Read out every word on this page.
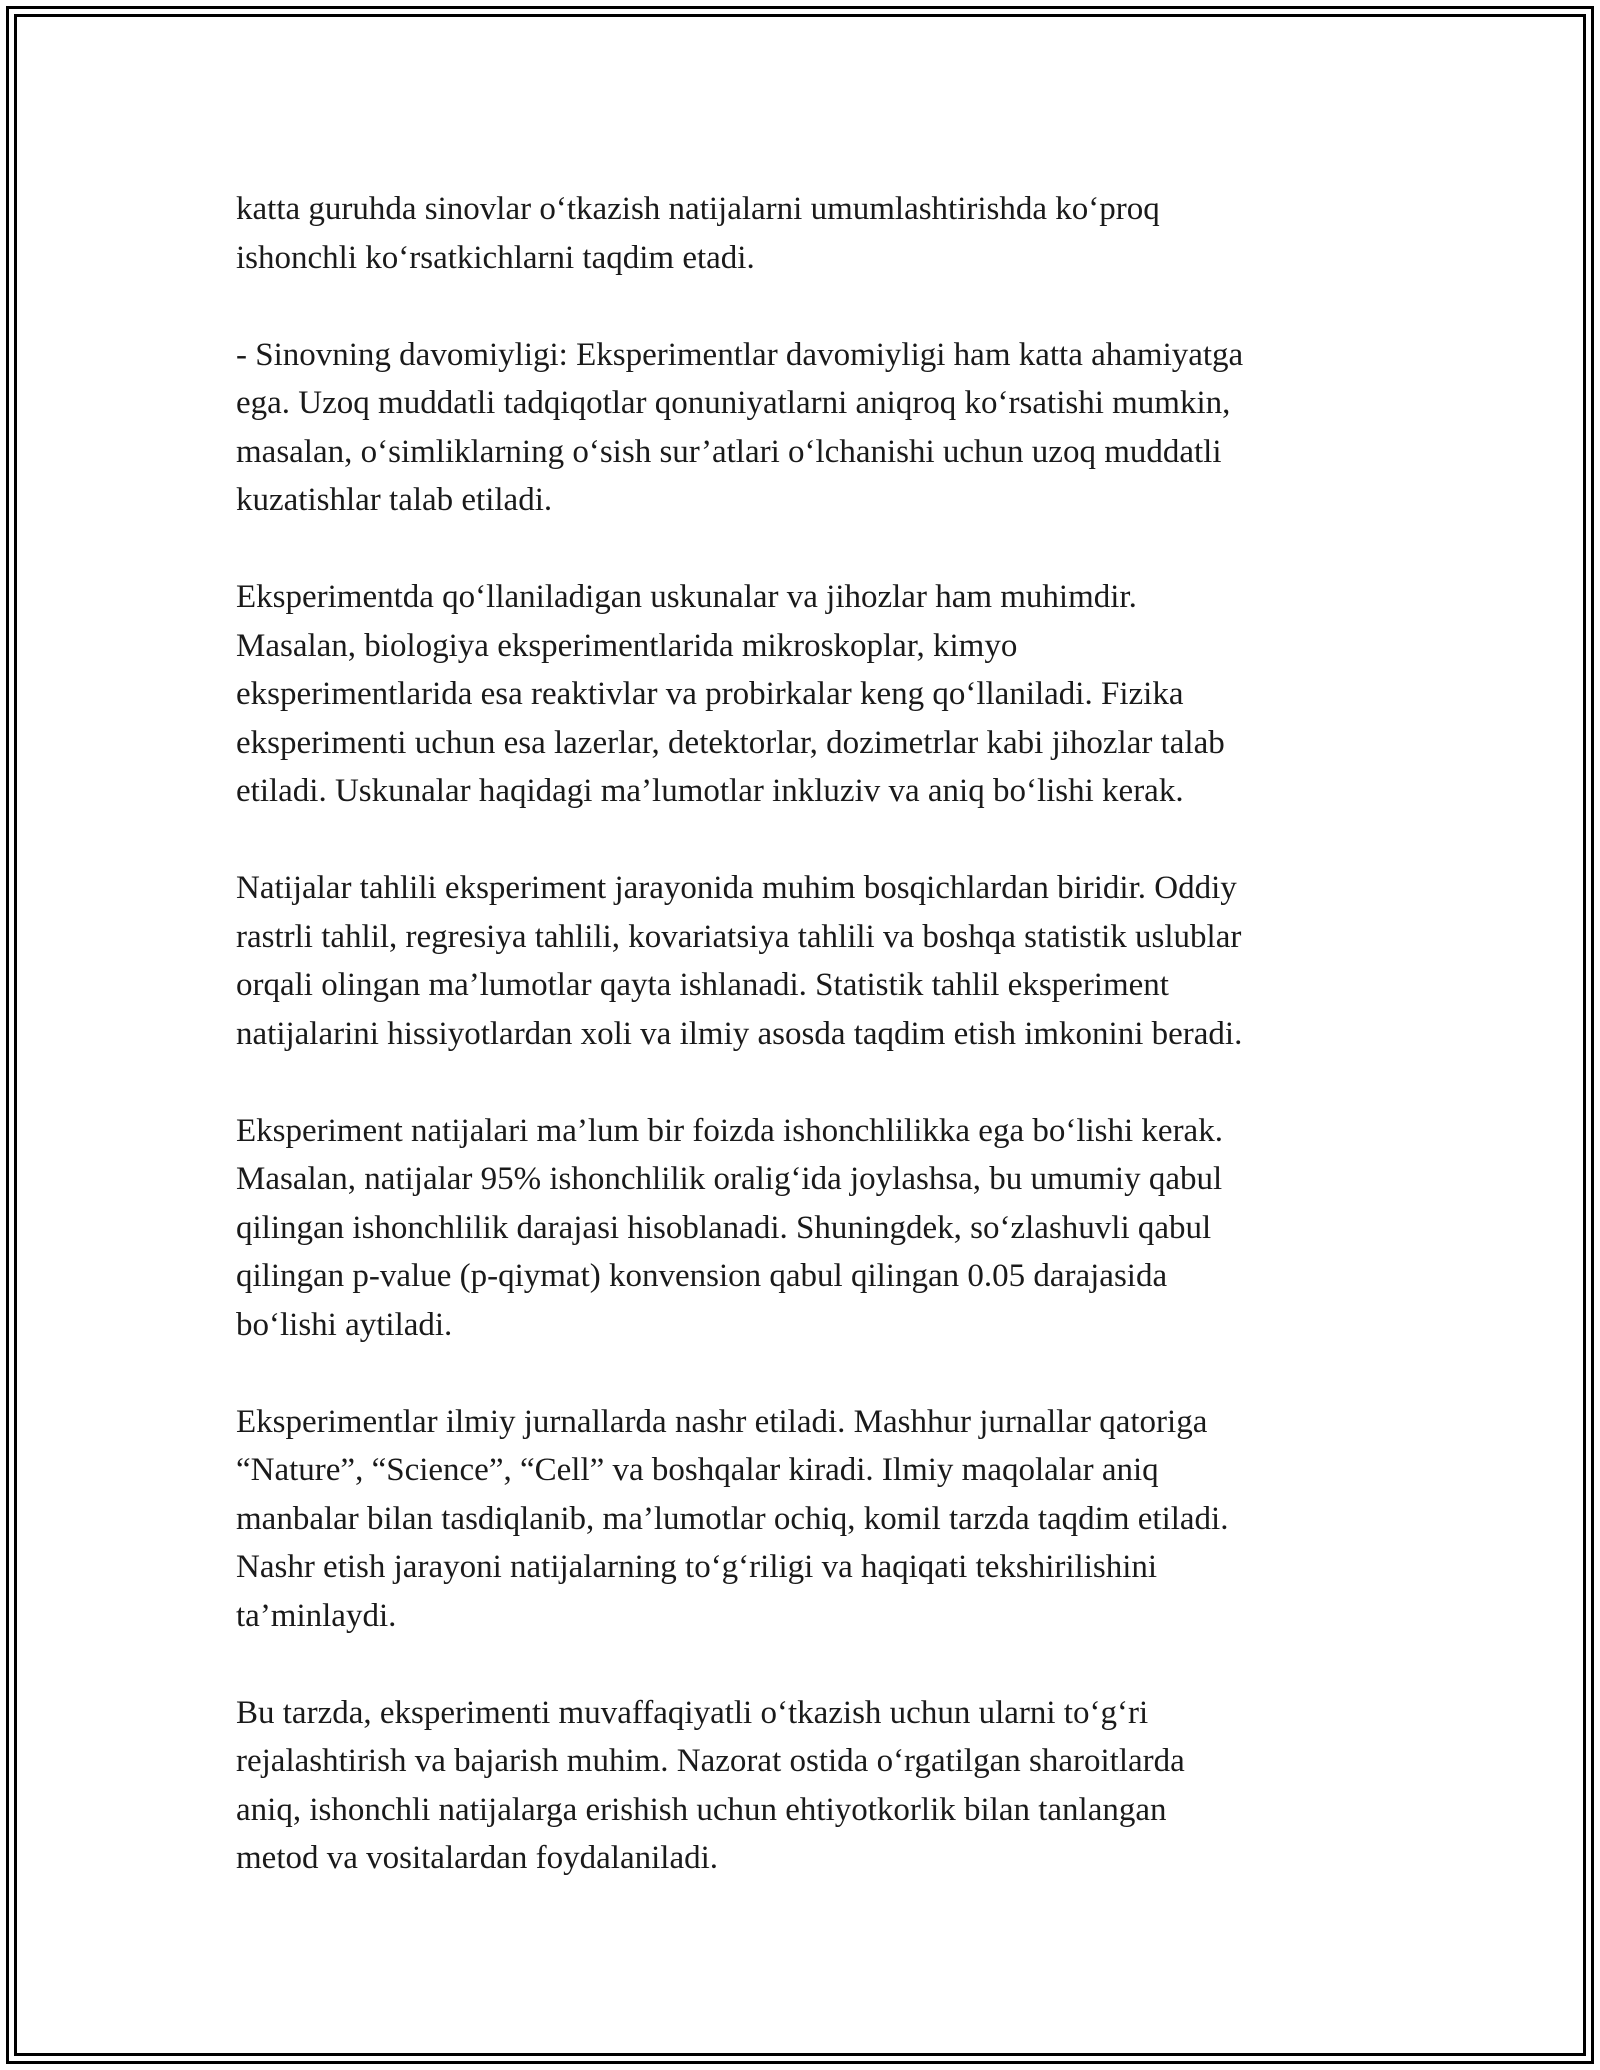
katta guruhda sinovlar o‘tkazish natijalarni umumlashtirishda ko‘proq
ishonchli ko‘rsatkichlarni taqdim etadi.

- Sinovning davomiyligi: Eksperimentlar davomiyligi ham katta ahamiyatga
ega. Uzoq muddatli tadqiqotlar qonuniyatlarni aniqroq ko‘rsatishi mumkin,
masalan, o‘simliklarning o‘sish sur’atlari o‘lchanishi uchun uzoq muddatli
kuzatishlar talab etiladi.

Eksperimentda qo‘llaniladigan uskunalar va jihozlar ham muhimdir.
Masalan, biologiya eksperimentlarida mikroskoplar, kimyo
eksperimentlarida esa reaktivlar va probirkalar keng qo‘llaniladi. Fizika
eksperimenti uchun esa lazerlar, detektorlar, dozimetrlar kabi jihozlar talab
etiladi. Uskunalar haqidagi ma’lumotlar inkluziv va aniq bo‘lishi kerak.

Natijalar tahlili eksperiment jarayonida muhim bosqichlardan biridir. Oddiy
rastrli tahlil, regresiya tahlili, kovariatsiya tahlili va boshqa statistik uslublar
orqali olingan ma’lumotlar qayta ishlanadi. Statistik tahlil eksperiment
natijalarini hissiyotlardan xoli va ilmiy asosda taqdim etish imkonini beradi.

Eksperiment natijalari ma’lum bir foizda ishonchlilikka ega bo‘lishi kerak.
Masalan, natijalar 95% ishonchlilik oralig‘ida joylashsa, bu umumiy qabul
qilingan ishonchlilik darajasi hisoblanadi. Shuningdek, so‘zlashuvli qabul
qilingan p-value (p-qiymat) konvension qabul qilingan 0.05 darajasida
bo‘lishi aytiladi.

Eksperimentlar ilmiy jurnallarda nashr etiladi. Mashhur jurnallar qatoriga
“Nature”, “Science”, “Cell” va boshqalar kiradi. Ilmiy maqolalar aniq
manbalar bilan tasdiqlanib, ma’lumotlar ochiq, komil tarzda taqdim etiladi.
Nashr etish jarayoni natijalarning to‘g‘riligi va haqiqati tekshirilishini
ta’minlaydi.

Bu tarzda, eksperimenti muvaffaqiyatli o‘tkazish uchun ularni to‘g‘ri
rejalashtirish va bajarish muhim. Nazorat ostida o‘rgatilgan sharoitlarda
aniq, ishonchli natijalarga erishish uchun ehtiyotkorlik bilan tanlangan
metod va vositalardan foydalaniladi.
